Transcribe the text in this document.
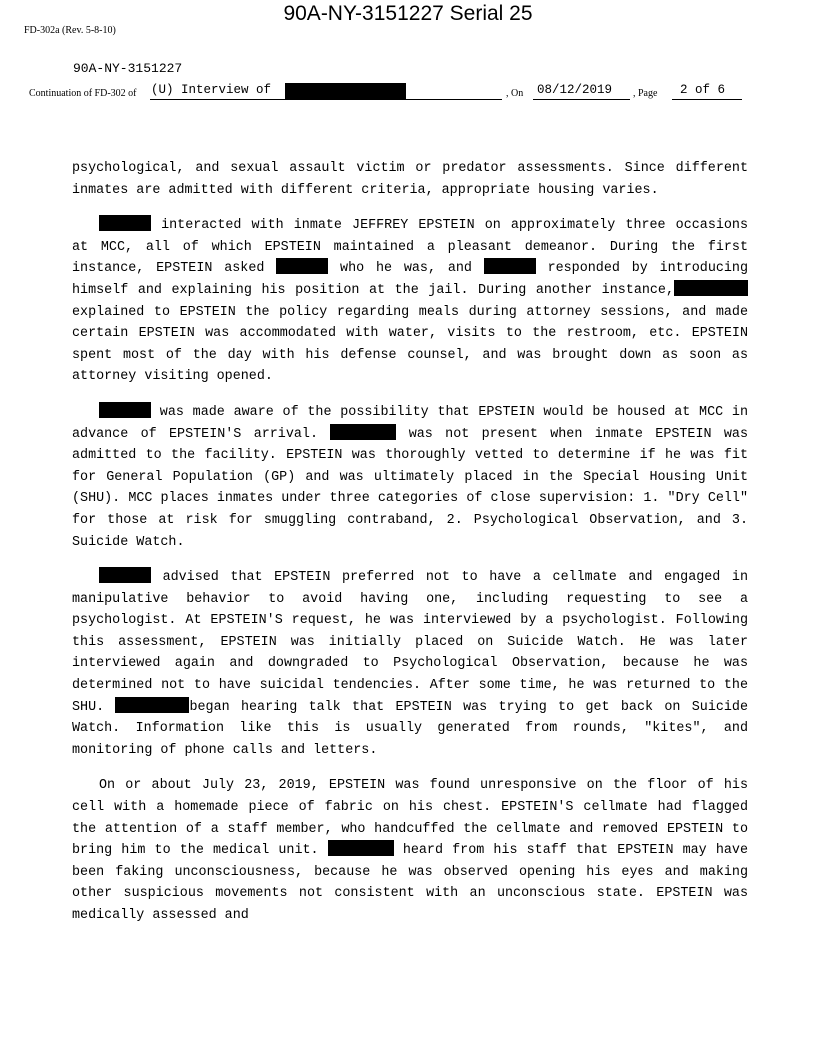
90A-NY-3151227 Serial 25
FD-302a (Rev. 5-8-10)
90A-NY-3151227
Continuation of FD-302 of (U) Interview of	, On 08/12/2019 , Page 2 of 6

psychological, and sexual assault victim or predator assessments. Since different inmates are admitted with different criteria, appropriate housing varies.

interacted with inmate JEFFREY EPSTEIN on approximately three occasions at MCC, all of which EPSTEIN maintained a pleasant demeanor. During the first instance, EPSTEIN asked	who he was, and	responded by introducing himself and explaining his position at the jail. During another instance,explained to EPSTEIN the policy regarding meals during attorney sessions, and made certain EPSTEIN was accommodated with water, visits to the restroom, etc. EPSTEIN spent most of the day with his defense counsel, and was brought down as soon as attorney visiting opened.

was made aware of the possibility that EPSTEIN would be housed at MCC in advance of EPSTEIN'S arrival.	was not present when inmate EPSTEIN was admitted to the facility. EPSTEIN was thoroughly vetted to determine if he was fit for General Population (GP) and was ultimately placed in the Special Housing Unit (SHU). MCC places inmates under three categories of close supervision: 1. "Dry Cell" for those at risk for smuggling contraband, 2. Psychological Observation, and 3. Suicide Watch.

advised that EPSTEIN preferred not to have a cellmate and engaged in manipulative behavior to avoid having one, including requesting to see a psychologist. At EPSTEIN'S request, he was interviewed by a psychologist. Following this assessment, EPSTEIN was initially placed on Suicide Watch. He was later interviewed again and downgraded to Psychological Observation, because he was determined not to have suicidal tendencies. After some time, he was returned to the SHU.	began hearing talk that EPSTEIN was trying to get back on Suicide Watch. Information like this is usually generated from rounds, "kites", and monitoring of phone calls and letters.

On or about July 23, 2019, EPSTEIN was found unresponsive on the floor of his cell with a homemade piece of fabric on his chest. EPSTEIN'S cellmate had flagged the attention of a staff member, who handcuffed the cellmate and removed EPSTEIN to bring him to the medical unit.	heard from his staff that EPSTEIN may have been faking unconsciousness, because he was observed opening his eyes and making other suspicious movements not consistent with an unconscious state. EPSTEIN was medically assessed and
